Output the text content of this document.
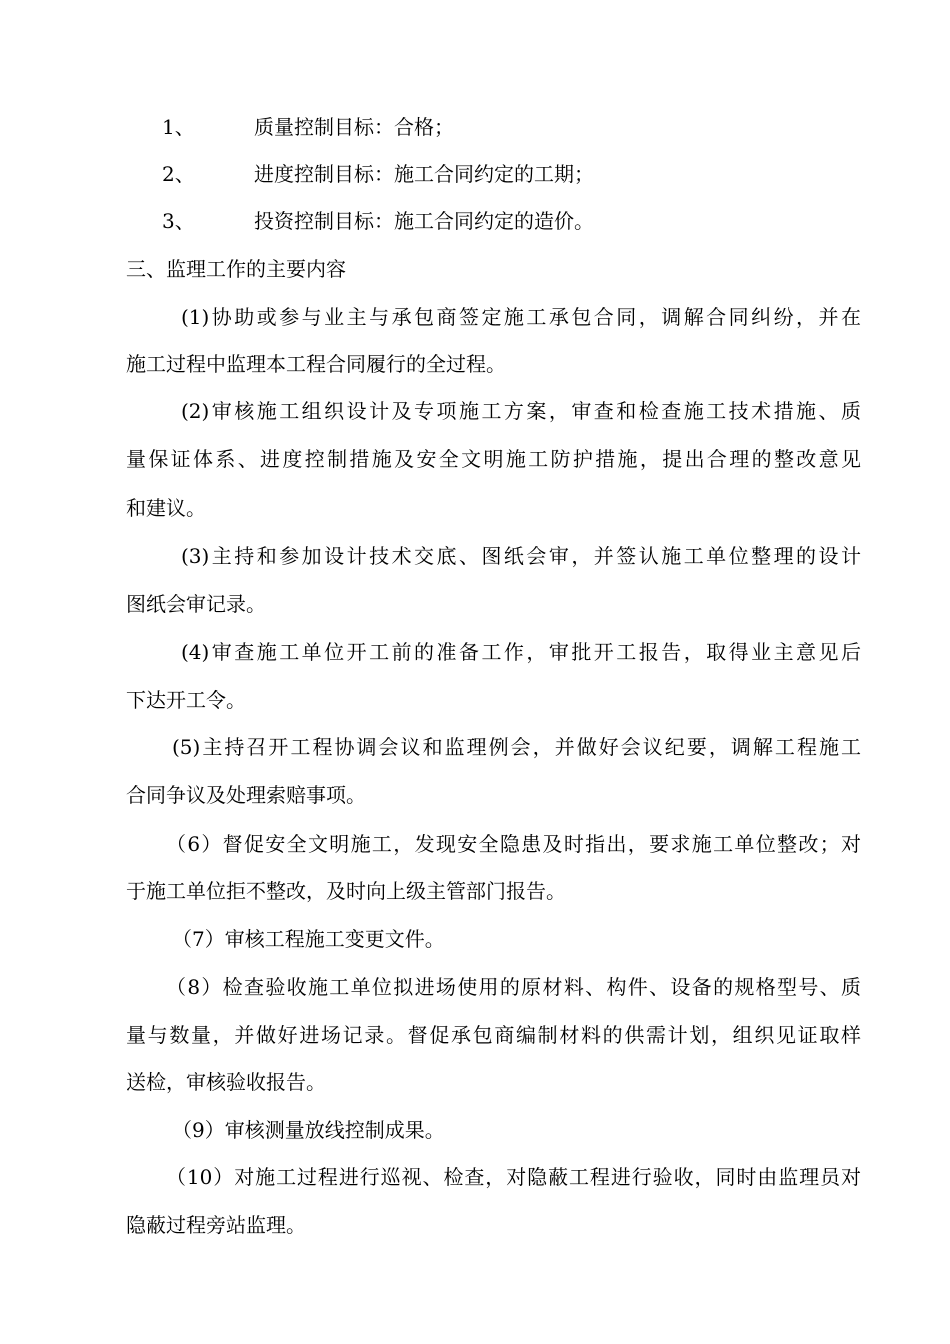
1、	质量控制目标：合格；
2、	进度控制目标：施工合同约定的工期；
3、	投资控制目标：施工合同约定的造价。
三、监理工作的主要内容
(1)协助或参与业主与承包商签定施工承包合同，调解合同纠纷，并在
施工过程中监理本工程合同履行的全过程。
(2)审核施工组织设计及专项施工方案，审查和检查施工技术措施、质
量保证体系、进度控制措施及安全文明施工防护措施，提出合理的整改意见
和建议。
(3)主持和参加设计技术交底、图纸会审，并签认施工单位整理的设计
图纸会审记录。
(4)审查施工单位开工前的准备工作，审批开工报告，取得业主意见后
下达开工令。
(5)主持召开工程协调会议和监理例会，并做好会议纪要，调解工程施工
合同争议及处理索赔事项。
（6）督促安全文明施工，发现安全隐患及时指出，要求施工单位整改；对
于施工单位拒不整改，及时向上级主管部门报告。
（7）审核工程施工变更文件。
（8）检查验收施工单位拟进场使用的原材料、构件、设备的规格型号、质
量与数量，并做好进场记录。督促承包商编制材料的供需计划，组织见证取样
送检，审核验收报告。
（9）审核测量放线控制成果。
（10）对施工过程进行巡视、检查，对隐蔽工程进行验收，同时由监理员对
隐蔽过程旁站监理。
